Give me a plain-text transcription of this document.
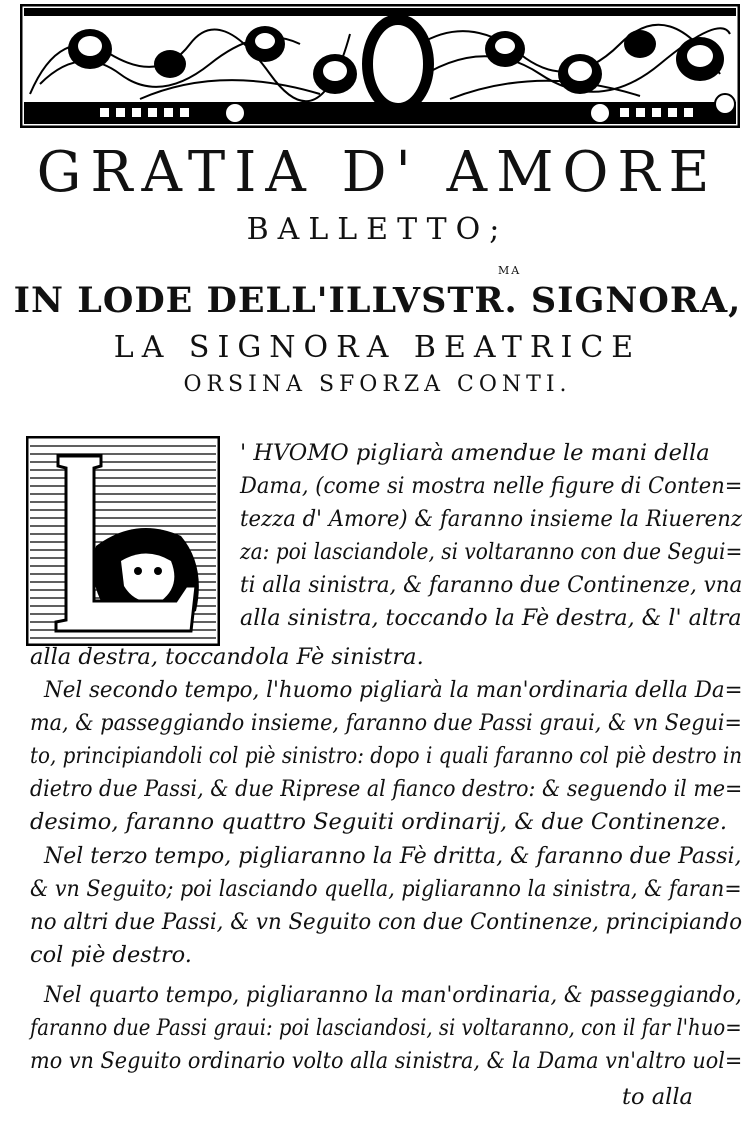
GRATIA D' AMORE
BALLETTO;
MA
IN LODE DELL'ILLVSTR. SIGNORA,
LA SIGNORA BEATRICE
ORSINA SFORZA CONTI.
' HVOMO pigliarà amendue le mani della
Dama, (come si mostra nelle figure di Conten=
tezza d' Amore) & faranno insieme la Riuerenz
za: poi lasciandole, si voltaranno con due Segui=
ti alla sinistra, & faranno due Continenze, vna
alla sinistra, toccando la Fè destra, & l' altra
alla destra, toccandola Fè sinistra.
Nel secondo tempo, l'huomo pigliarà la man'ordinaria della Da=
ma, & passeggiando insieme, faranno due Passi graui, & vn Segui=
to, principiandoli col piè sinistro: dopo i quali faranno col piè destro in
dietro due Passi, & due Riprese al fianco destro: & seguendo il me=
desimo, faranno quattro Seguiti ordinarij, & due Continenze.
Nel terzo tempo, pigliaranno la Fè dritta, & faranno due Passi,
& vn Seguito; poi lasciando quella, pigliaranno la sinistra, & faran=
no altri due Passi, & vn Seguito con due Continenze, principiando
col piè destro.
Nel quarto tempo, pigliaranno la man'ordinaria, & passeggiando,
faranno due Passi graui: poi lasciandosi, si voltaranno, con il far l'huo=
mo vn Seguito ordinario volto alla sinistra, & la Dama vn'altro uol=
to alla
